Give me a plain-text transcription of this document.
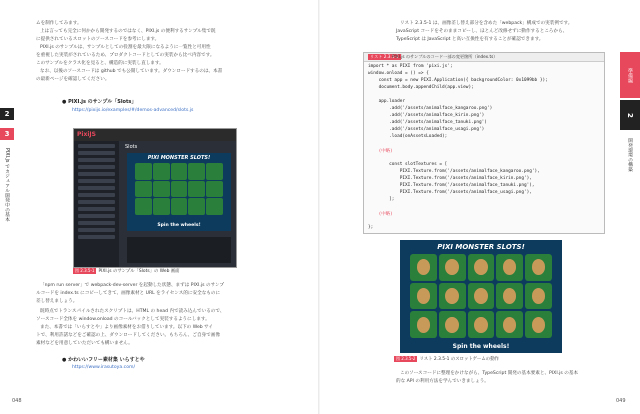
2
3
PIXI.js でカジュアル開発中の基本
ムを制作してみます。
上は言っても完全に何かから開発するのではなく、PIXI.js の便利するサンプル集で既
に提供されているスロットのソースコードを参考にします。
PIXI.js のサンプルは、サンプルとしての役割を最大限になるように一覧性と可用性
を重視した実装がされているため、プロダクトコードとしての実装から比べ内容です。
このサンプルをクラス化を見ると、構造的に実装し直します。
なお、以後のソースコードは github でも公開しています。ダウンロードするのは、本書
の最新ページを確認してください。
● PIXI.js のサンプル「Slots」
https://pixijs.io/examples/#/demos-advanced/slots.js
PixiJS
Slots
PIXI MONSTER SLOTS!
Spin the wheels!
図 2.3.5-1 PIXI.js のサンプル「Slots」の Web 画面
「npm run server」で webpack-dev-server を起動した状態、まずは PIXI.js のサンプ
ルコードを index.ts にコピーしてきて、画像素材と URL をライセンス的に安全なものに
差し替えましょう。
既時点でトランスパイルされたスクリプトは、HTML の head 内で読み込んでいるので、
ソースコード全体を window.onload のコールバックとして実装するようにします。
また、本書では「いらすとや」より画像素材をお借りしています。以下の Web サイ
トで、利用許諾などをご確認の上、ダウンロードしてください。もちろん、ご自身で画像
素材などを用意していただいても構いません。
● かわいいフリー素材集 いらすとや
https://www.irasutoya.com/
048
リスト 2.3.5-1 は、画像差し替え部分を含めた「webpack」構成での実装例です。
JavaScript コードをそのままコピーし、ほとんど改修せずに動作するところから、
TypeScript は JavaScript と高い互換性を有することが確認できます。
049
リスト 2.3.5-1
PIXI.js のサンプルのコード一部の変更箇所（index.ts）
import * as PIXI from 'pixi.js';
window.onload = () => {
const app = new PIXI.Application({ backgroundColor: 0x1099bb });
document.body.appendChild(app.view);
app.loader
.add('/assets/animalface_kangaroo.png')
.add('/assets/animalface_kirin.png')
.add('/assets/animalface_tanuki.png')
.add('/assets/animalface_usagi.png')
.load(onAssetsLoaded);
(中略)
const slotTextures = [
PIXI.Texture.from('/assets/animalface_kangaroo.png'),
PIXI.Texture.from('/assets/animalface_kirin.png'),
PIXI.Texture.from('/assets/animalface_tanuki.png'),
PIXI.Texture.from('/assets/animalface_usagi.png'),
];
(中略)
};
PIXI MONSTER SLOTS!
Spin the wheels!
図 2.3.5-2 リスト 2.3.5-1 のスロットゲームの動作
このソースコードに整理をかけながら、TypeScript 開発の基本要素と、PIXI.js の基本
的な API の利用方法を学んでいきましょう。
準備編
2
開発環境の構築
